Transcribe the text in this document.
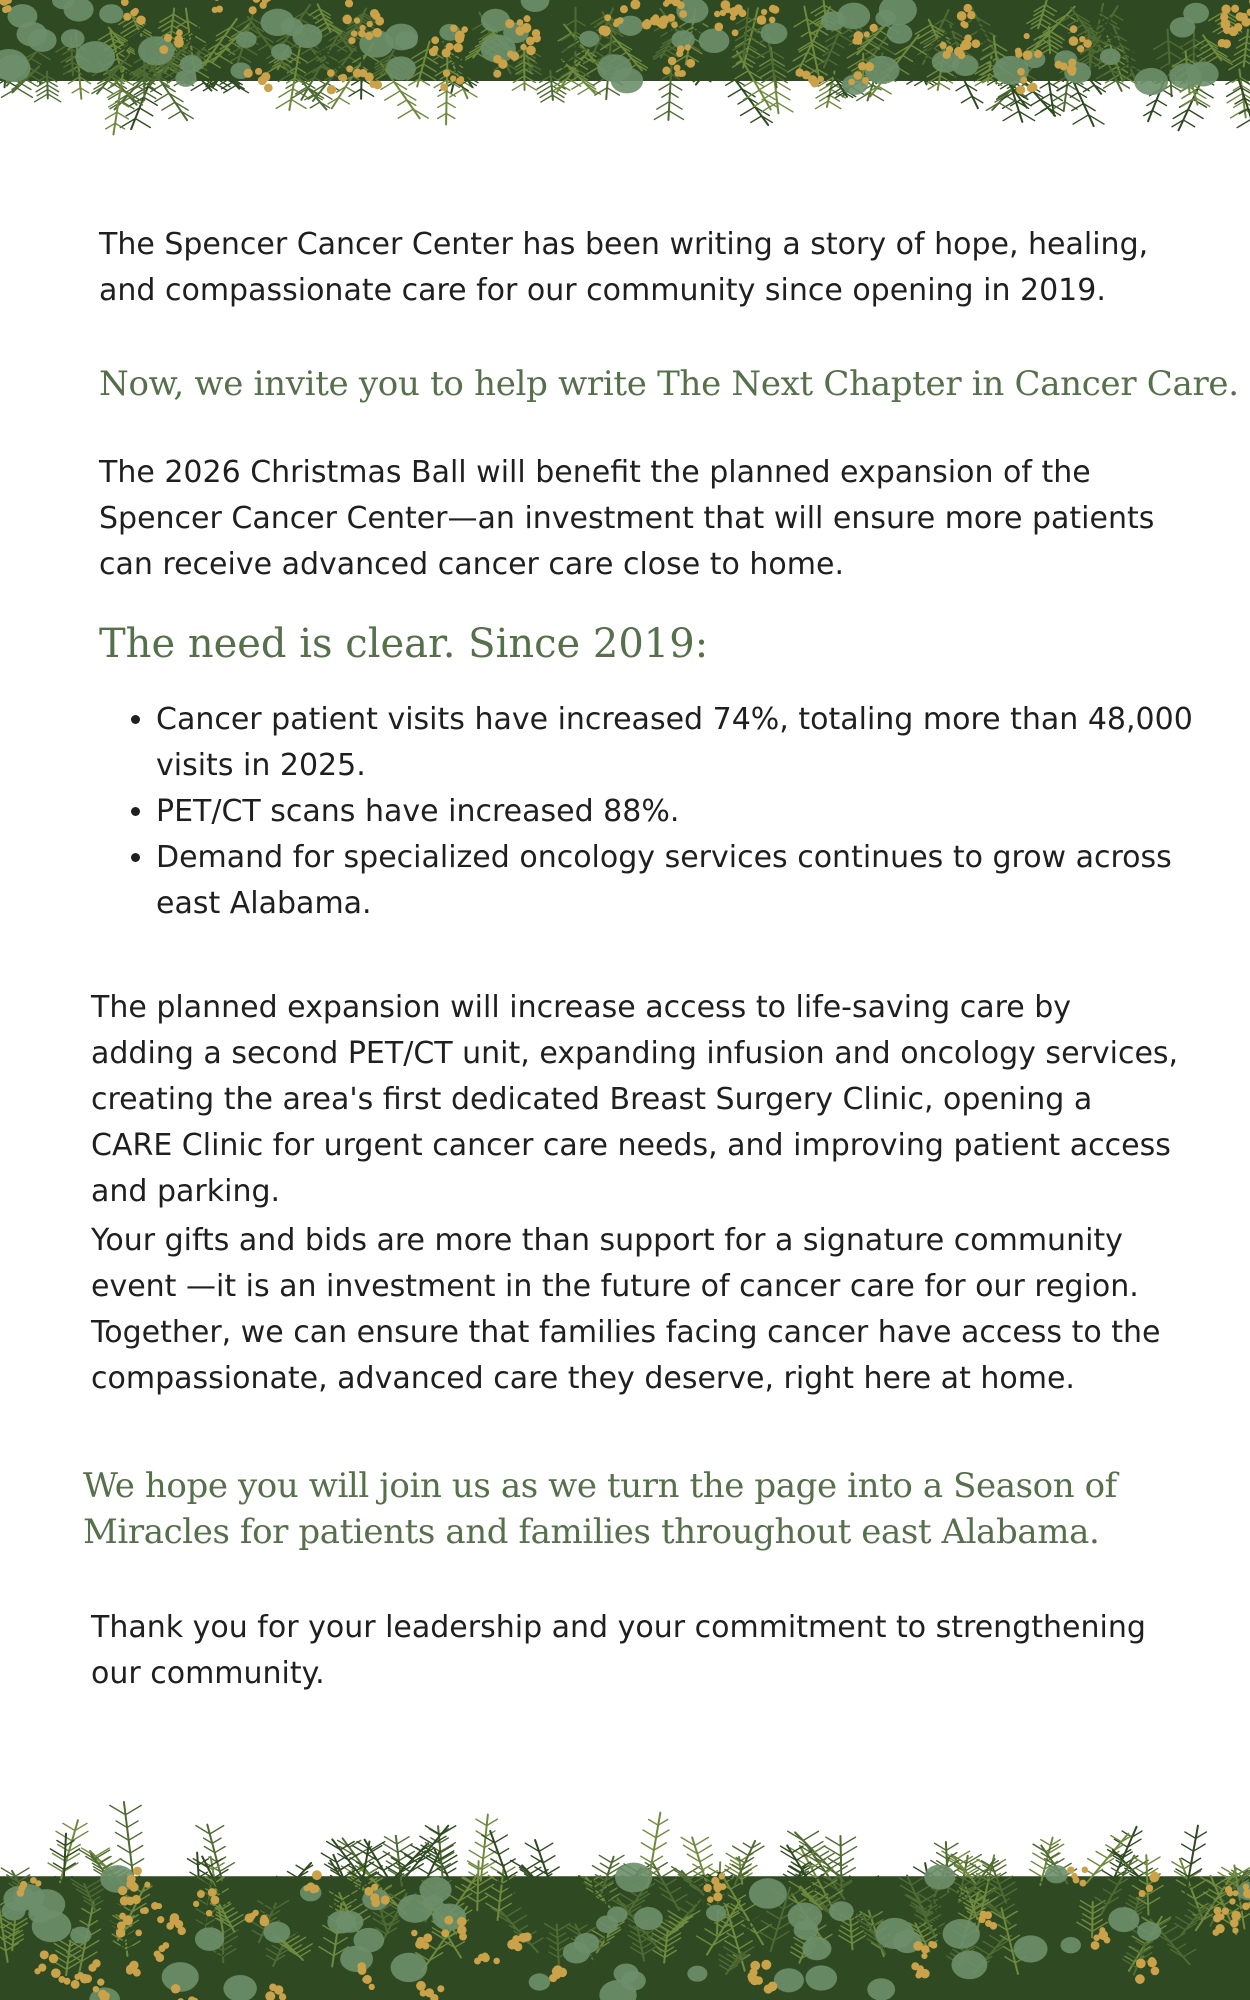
The Spencer Cancer Center has been writing a story of hope, healing, and compassionate care for our community since opening in 2019.

Now, we invite you to help write The Next Chapter in Cancer Care.

The 2026 Christmas Ball will benefit the planned expansion of the Spencer Cancer Center—an investment that will ensure more patients can receive advanced cancer care close to home.

The need is clear. Since 2019:
• Cancer patient visits have increased 74%, totaling more than 48,000 visits in 2025.
• PET/CT scans have increased 88%.
• Demand for specialized oncology services continues to grow across east Alabama.

The planned expansion will increase access to life-saving care by adding a second PET/CT unit, expanding infusion and oncology services, creating the area's first dedicated Breast Surgery Clinic, opening a CARE Clinic for urgent cancer care needs, and improving patient access and parking.

Your gifts and bids are more than support for a signature community event —it is an investment in the future of cancer care for our region. Together, we can ensure that families facing cancer have access to the compassionate, advanced care they deserve, right here at home.

We hope you will join us as we turn the page into a Season of Miracles for patients and families throughout east Alabama.

Thank you for your leadership and your commitment to strengthening our community.
